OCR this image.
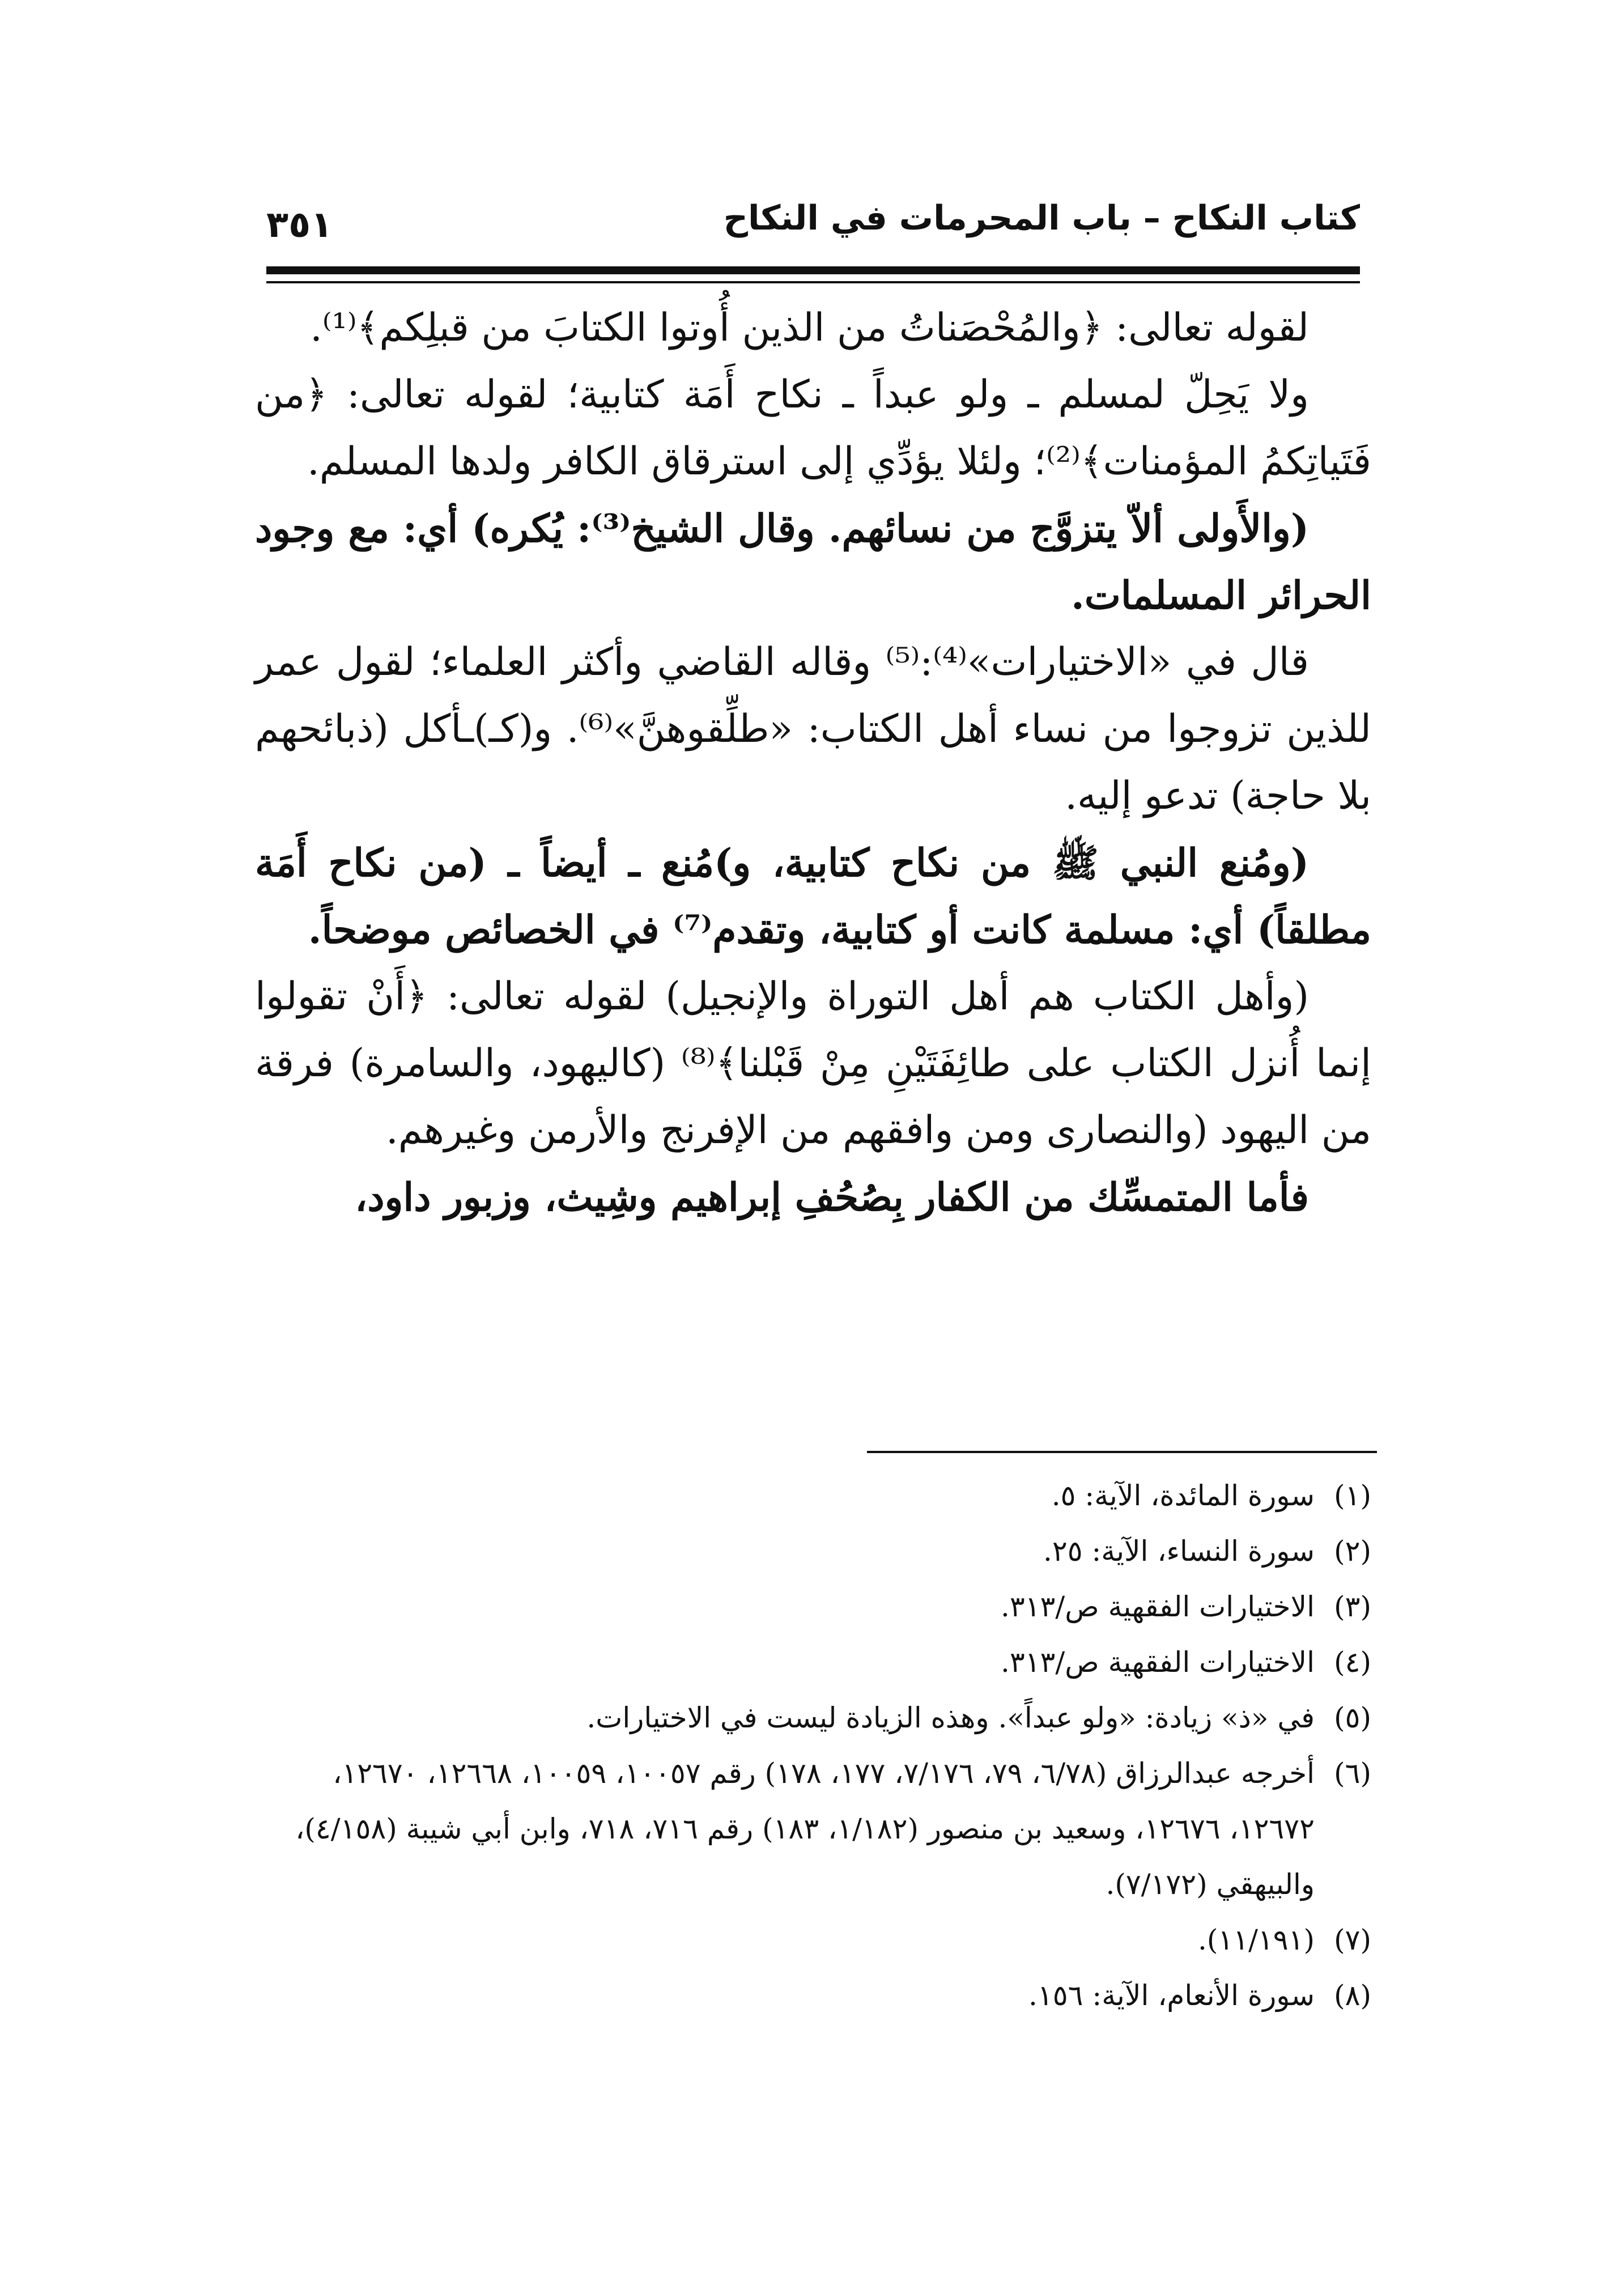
٣٥١	كتاب النكاح – باب المحرمات في النكاح

لقوله تعالى: ﴿والمُحْصَناتُ من الذين أُوتوا الكتابَ من قبلِكم﴾⁽¹⁾.

ولا يَحِلّ لمسلم ـ ولو عبداً ـ نكاح أَمَة كتابية؛ لقوله تعالى: ﴿من فَتَياتِكمُ المؤمنات﴾⁽²⁾؛ ولئلا يؤدِّي إلى استرقاق الكافر ولدها المسلم.

(والأَولى ألاّ يتزوَّج من نسائهم. وقال الشيخ⁽³⁾: يُكره) أي: مع وجود الحرائر المسلمات.

قال في «الاختيارات»⁽⁴⁾:⁽⁵⁾ وقاله القاضي وأكثر العلماء؛ لقول عمر للذين تزوجوا من نساء أهل الكتاب: «طلِّقوهنَّ»⁽⁶⁾. و(كـ)ـأكل (ذبائحهم بلا حاجة) تدعو إليه.

(ومُنع النبي ﷺ من نكاح كتابية، و)مُنع ـ أيضاً ـ (من نكاح أَمَة مطلقاً) أي: مسلمة كانت أو كتابية، وتقدم⁽⁷⁾ في الخصائص موضحاً.

(وأهل الكتاب هم أهل التوراة والإنجيل) لقوله تعالى: ﴿أَنْ تقولوا إنما أُنزل الكتاب على طائِفَتَيْنِ مِنْ قَبْلنا﴾⁽⁸⁾ (كاليهود، والسامرة) فرقة من اليهود (والنصارى ومن وافقهم من الإفرنج والأرمن وغيرهم.

فأما المتمسِّك من الكفار بِصُحُفِ إبراهيم وشِيث، وزبور داود،

(١)
سورة المائدة، الآية: ٥.
(٢)
سورة النساء، الآية: ٢٥.
(٣)
الاختيارات الفقهية ص/٣١٣.
(٤)
الاختيارات الفقهية ص/٣١٣.
(٥)
في «ذ» زيادة: «ولو عبداً». وهذه الزيادة ليست في الاختيارات.
(٦)
أخرجه عبدالرزاق (٦/٧٨، ٧٩، ٧/١٧٦، ١٧٧، ١٧٨) رقم ١٠٠٥٧، ١٠٠٥٩، ١٢٦٦٨، ١٢٦٧٠، ١٢٦٧٢، ١٢٦٧٦، وسعيد بن منصور (١/١٨٢، ١٨٣) رقم ٧١٦، ٧١٨، وابن أبي شيبة (٤/١٥٨)، والبيهقي (٧/١٧٢).
(٧)
(١١/١٩١).
(٨)
سورة الأنعام، الآية: ١٥٦.
